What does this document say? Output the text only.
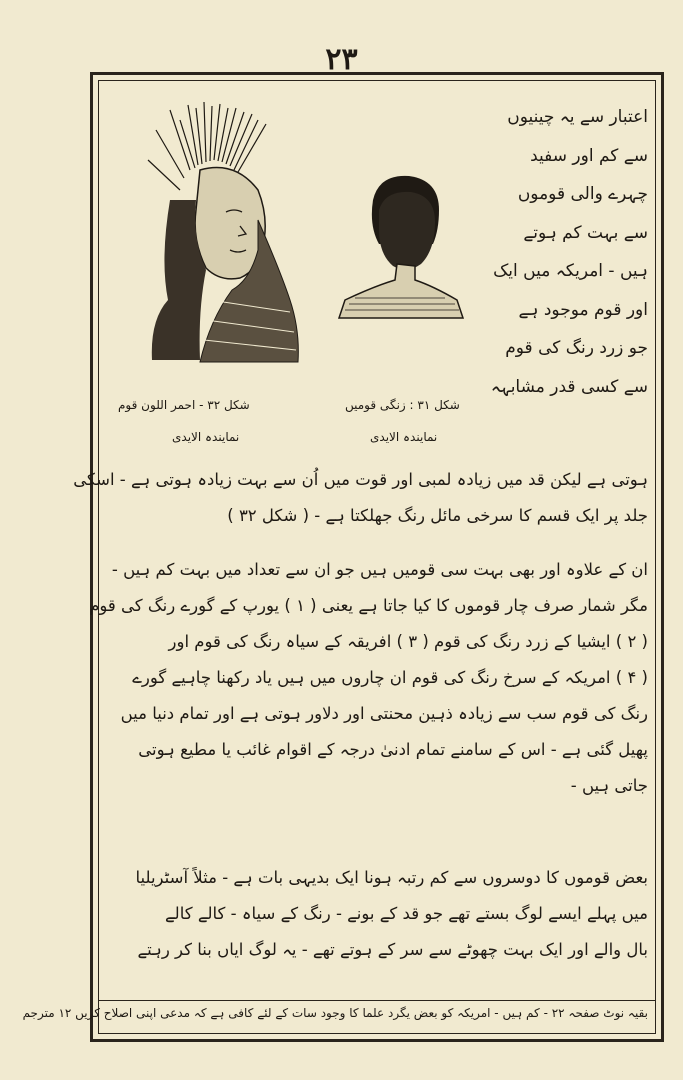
۲۳
اعتبار سے یہ چینیوں
سے کم اور سفید
چہرے والی قوموں
سے بہت کم ہوتے
ہیں - امریکہ میں ایک
اور قوم موجود ہے
جو زرد رنگ کی قوم
سے کسی قدر مشابہہ
شکل ۳۲ - احمر اللون قوم
نمایندہ الایدی
شکل ۳۱ : زنگی قومیں
نمایندہ الایدی
ہوتی ہے لیکن قد میں زیادہ لمبی اور قوت میں اُن سے بہت زیادہ ہوتی ہے - اسکی
جلد پر ایک قسم کا سرخی مائل رنگ جھلکتا ہے - ( شکل ۳۲ )
ان کے علاوہ اور بھی بہت سی قومیں ہیں جو ان سے تعداد میں بہت کم ہیں -
مگر شمار صرف چار قوموں کا کیا جاتا ہے یعنی ( ۱ ) یورپ کے گورے رنگ کی قوم
( ۲ ) ایشیا کے زرد رنگ کی قوم ( ۳ ) افریقہ کے سیاہ رنگ کی قوم اور
( ۴ ) امریکہ کے سرخ رنگ کی قوم ان چاروں میں ہیں یاد رکھنا چاہیے گورے
رنگ کی قوم سب سے زیادہ ذہین محنتی اور دلاور ہوتی ہے اور تمام دنیا میں
پھیل گئی ہے - اس کے سامنے تمام ادنیٰ درجہ کے اقوام غائب یا مطیع ہوتی
جاتی ہیں -
بعض قوموں کا دوسروں سے کم رتبہ ہونا ایک بدیہی بات ہے - مثلاً آسٹریلیا
میں پہلے ایسے لوگ بستے تھے جو قد کے بونے - رنگ کے سیاہ - کالے کالے
بال والے اور ایک بہت چھوٹے سے سر کے ہوتے تھے - یہ لوگ ایاں بنا کر رہتے
بقیہ نوٹ صفحہ ۲۲ - کم ہیں - امریکہ کو بعض یگرد علما کا وجود سات کے لئے کافی ہے کہ مدعی اپنی اصلاح کریں ۱۲ مترجم
